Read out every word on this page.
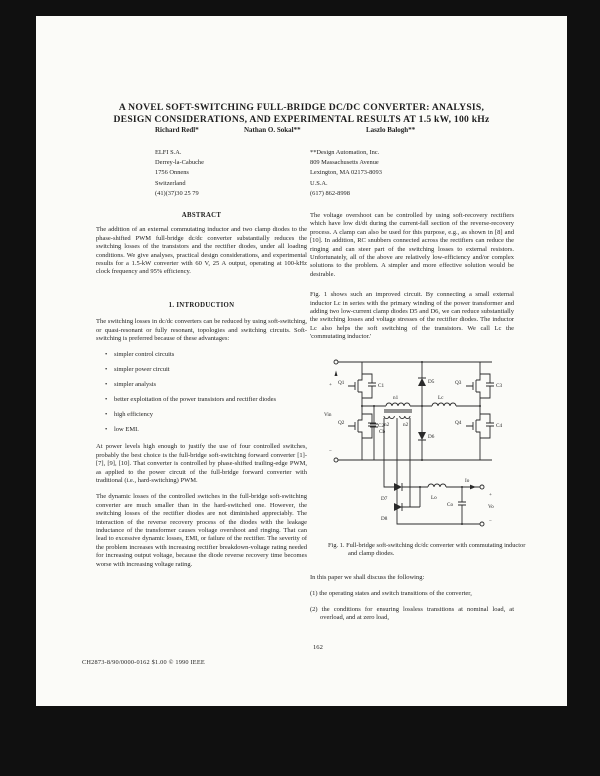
A NOVEL SOFT-SWITCHING FULL-BRIDGE DC/DC CONVERTER: ANALYSIS,
DESIGN CONSIDERATIONS, AND EXPERIMENTAL RESULTS AT 1.5 kW, 100 kHz
Richard Redl*	Nathan O. Sokal**	Laszlo Balogh**
ELFI S.A.
Derrey-la-Cabuche
1756 Onnens
Switzerland
(41)(37)30 25 79
**Design Automation, Inc.
809 Massachusetts Avenue
Lexington, MA 02173-8093
U.S.A.
(617) 862-8998
ABSTRACT

The addition of an external commutating inductor and two clamp diodes to the phase-shifted PWM full-bridge dc/dc converter substantially reduces the switching losses of the transistors and the rectifier diodes, under all loading conditions. We give analyses, practical design considerations, and experimental results for a 1.5-kW converter with 60 V, 25 A output, operating at 100-kHz clock frequency and 95% efficiency.

1. INTRODUCTION

The switching losses in dc/dc converters can be reduced by using soft-switching, or quasi-resonant or fully resonant, topologies and switching circuits. Soft-switching is preferred because of these advantages:

• simpler control circuits
• simpler power circuit
• simpler analysis
• better exploitation of the power transistors and rectifier diodes
• high efficiency
• low EMI.

At power levels high enough to justify the use of four controlled switches, probably the best choice is the full-bridge soft-switching forward converter [1]-[7], [9], [10]. That converter is controlled by phase-shifted trailing-edge PWM, as applied to the power circuit of the full-bridge forward converter with traditional (i.e., hard-switching) PWM.

The dynamic losses of the controlled switches in the full-bridge soft-switching converter are much smaller than in the hard-switched one. However, the switching losses of the rectifier diodes are not diminished appreciably. The interaction of the reverse recovery process of the diodes with the leakage inductance of the transformer causes voltage overshoot and ringing. That can lead to excessive dynamic losses, EMI, or failure of the rectifier. The severity of the problem increases with increasing rectifier breakdown-voltage rating needed for increasing output voltage, because the diode reverse recovery time becomes worse with increasing voltage rating.

The voltage overshoot can be controlled by using soft-recovery rectifiers which have low di/dt during the current-fall section of the reverse-recovery process. A clamp can also be used for this purpose, e.g., as shown in [8] and [10]. In addition, RC snubbers connected across the rectifiers can reduce the ringing and can steer part of the switching losses to external resistors. Unfortunately, all of the above are relatively low-efficiency and/or complex solutions to the problem. A simpler and more effective solution would be desirable.

Fig. 1 shows such an improved circuit. By connecting a small external inductor Lc in series with the primary winding of the power transformer and adding two low-current clamp diodes D5 and D6, we can reduce substantially the switching losses and voltage stresses of the rectifier diodes. The inductor Lc also helps the soft switching of the transistors. We call Lc the 'commutating inductor.'

Vin
+
−
Q1
Q2
C1
C2
Cb
n1
n2	n2
D5
D6
Lc
Q3
Q4
C3
C4
D7
D8
Lo
Co
Io
Vo
+
−
Fig. 1. Full-bridge soft-switching dc/dc converter with commutating inductor and clamp diodes.

In this paper we shall discuss the following:

(1) the operating states and switch transitions of the converter,

(2) the conditions for ensuring lossless transitions at nominal load, at overload, and at zero load,

162
CH2873-8/90/0000-0162 $1.00 © 1990 IEEE
